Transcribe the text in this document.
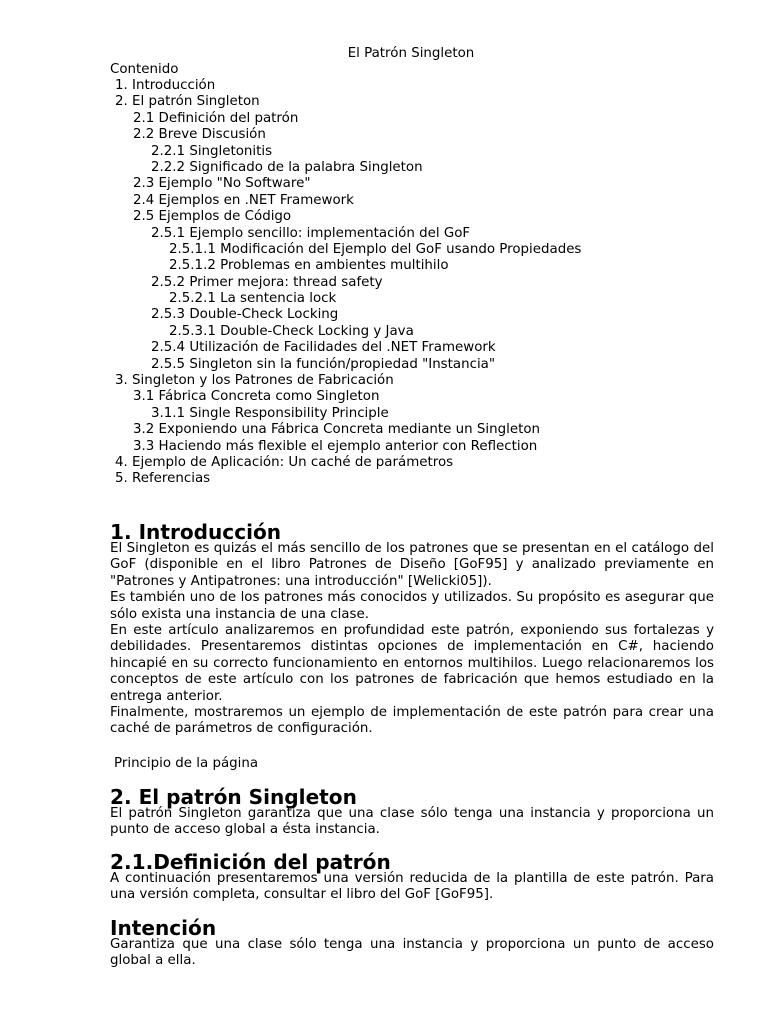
El Patrón Singleton
Contenido
1. Introducción
2. El patrón Singleton
2.1 Definición del patrón
2.2 Breve Discusión
2.2.1 Singletonitis
2.2.2 Significado de la palabra Singleton
2.3 Ejemplo "No Software"
2.4 Ejemplos en .NET Framework
2.5 Ejemplos de Código
2.5.1 Ejemplo sencillo: implementación del GoF
2.5.1.1 Modificación del Ejemplo del GoF usando Propiedades
2.5.1.2 Problemas en ambientes multihilo
2.5.2 Primer mejora: thread safety
2.5.2.1 La sentencia lock
2.5.3 Double-Check Locking
2.5.3.1 Double-Check Locking y Java
2.5.4 Utilización de Facilidades del .NET Framework
2.5.5 Singleton sin la función/propiedad "Instancia"
3. Singleton y los Patrones de Fabricación
3.1 Fábrica Concreta como Singleton
3.1.1 Single Responsibility Principle
3.2 Exponiendo una Fábrica Concreta mediante un Singleton
3.3 Haciendo más flexible el ejemplo anterior con Reflection
4. Ejemplo de Aplicación: Un caché de parámetros
5. Referencias
1. Introducción

El Singleton es quizás el más sencillo de los patrones que se presentan en el catálogo del GoF (disponible en el libro Patrones de Diseño [GoF95] y analizado previamente en "Patrones y Antipatrones: una introducción" [Welicki05]).

Es también uno de los patrones más conocidos y utilizados. Su propósito es asegurar que sólo exista una instancia de una clase.

En este artículo analizaremos en profundidad este patrón, exponiendo sus fortalezas y debilidades. Presentaremos distintas opciones de implementación en C#, haciendo hincapié en su correcto funcionamiento en entornos multihilos. Luego relacionaremos los conceptos de este artículo con los patrones de fabricación que hemos estudiado en la entrega anterior.

Finalmente, mostraremos un ejemplo de implementación de este patrón para crear una caché de parámetros de configuración.

Principio de la página
2. El patrón Singleton

El patrón Singleton garantiza que una clase sólo tenga una instancia y proporciona un punto de acceso global a ésta instancia.

2.1.Definición del patrón

A continuación presentaremos una versión reducida de la plantilla de este patrón. Para una versión completa, consultar el libro del GoF [GoF95].

Intención

Garantiza que una clase sólo tenga una instancia y proporciona un punto de acceso global a ella.
